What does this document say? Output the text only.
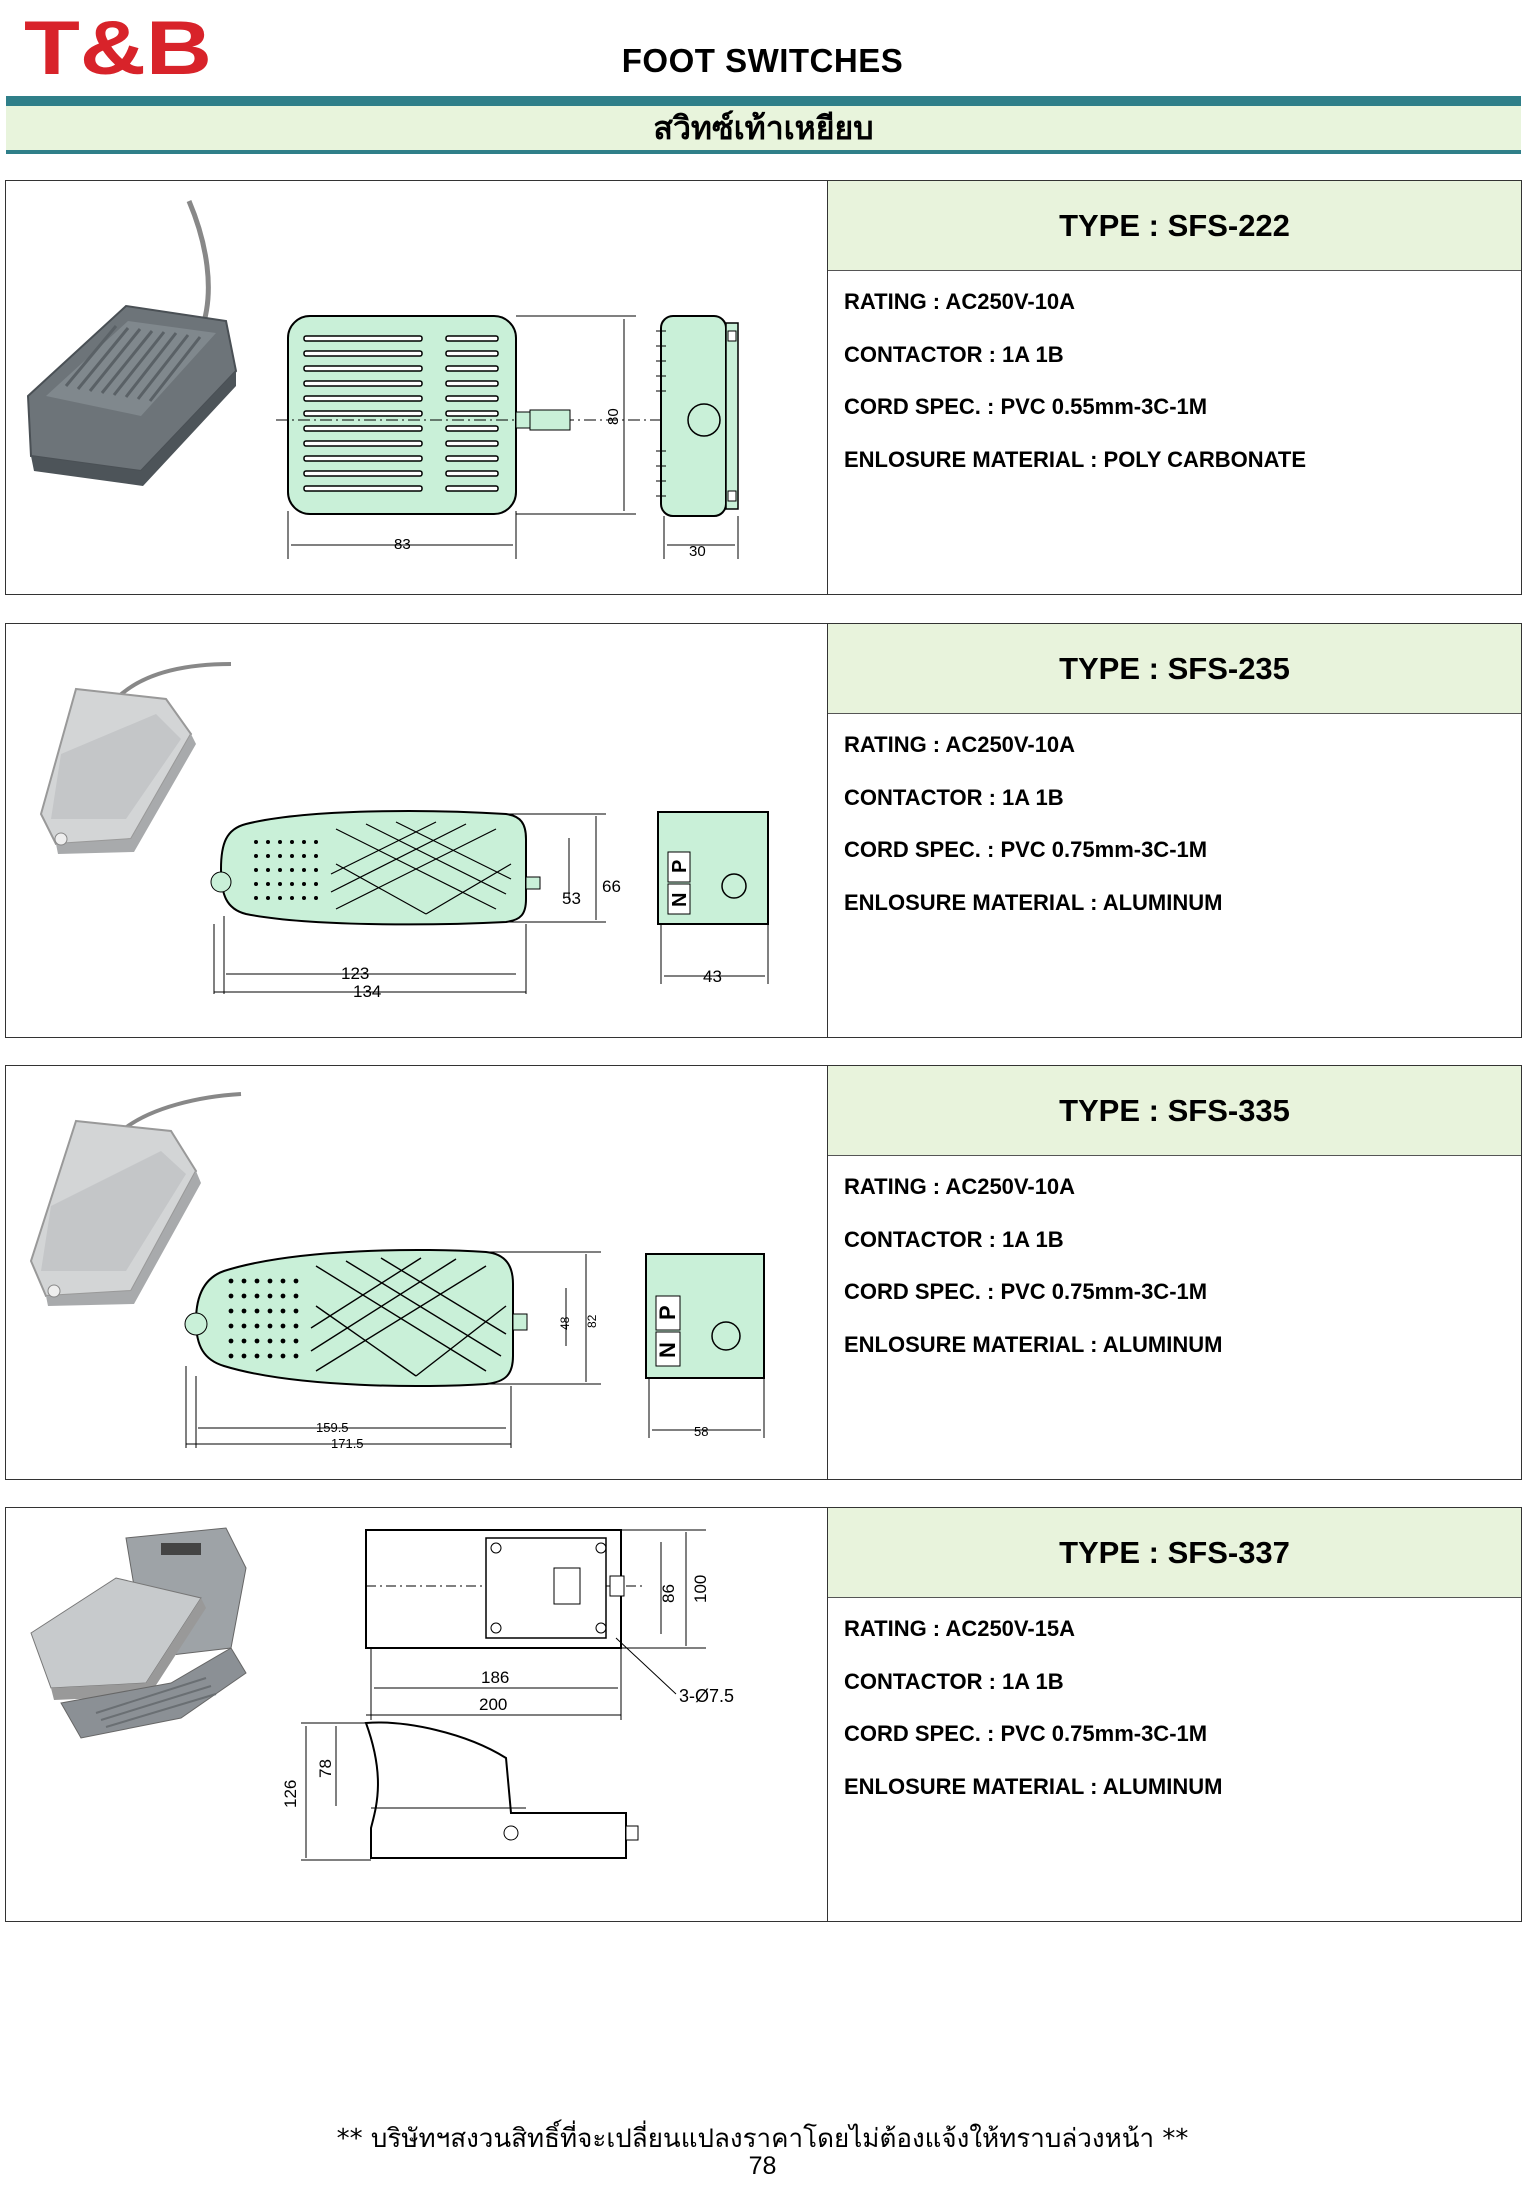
T&B	FOOT SWITCHES
สวิทซ์เท้าเหยียบ
80
83	30
TYPE : SFS-222
RATING : AC250V-10A
CONTACTOR : 1A 1B
CORD SPEC. : PVC 0.55mm-3C-1M
ENLOSURE MATERIAL : POLY CARBONATE
66
53
123
134
P
N
43
TYPE : SFS-235
RATING : AC250V-10A
CONTACTOR : 1A 1B
CORD SPEC. : PVC 0.75mm-3C-1M
ENLOSURE MATERIAL : ALUMINUM
82
48
159.5
171.5
P
N
58
TYPE : SFS-335
RATING : AC250V-10A
CONTACTOR : 1A 1B
CORD SPEC. : PVC 0.75mm-3C-1M
ENLOSURE MATERIAL : ALUMINUM
100
86
186
200	3-Ø7.5
126
78
TYPE : SFS-337
RATING : AC250V-15A
CONTACTOR : 1A 1B
CORD SPEC. : PVC 0.75mm-3C-1M
ENLOSURE MATERIAL : ALUMINUM
** บริษัทฯสงวนสิทธิ์ที่จะเปลี่ยนแปลงราคาโดยไม่ต้องแจ้งให้ทราบล่วงหน้า **
78
